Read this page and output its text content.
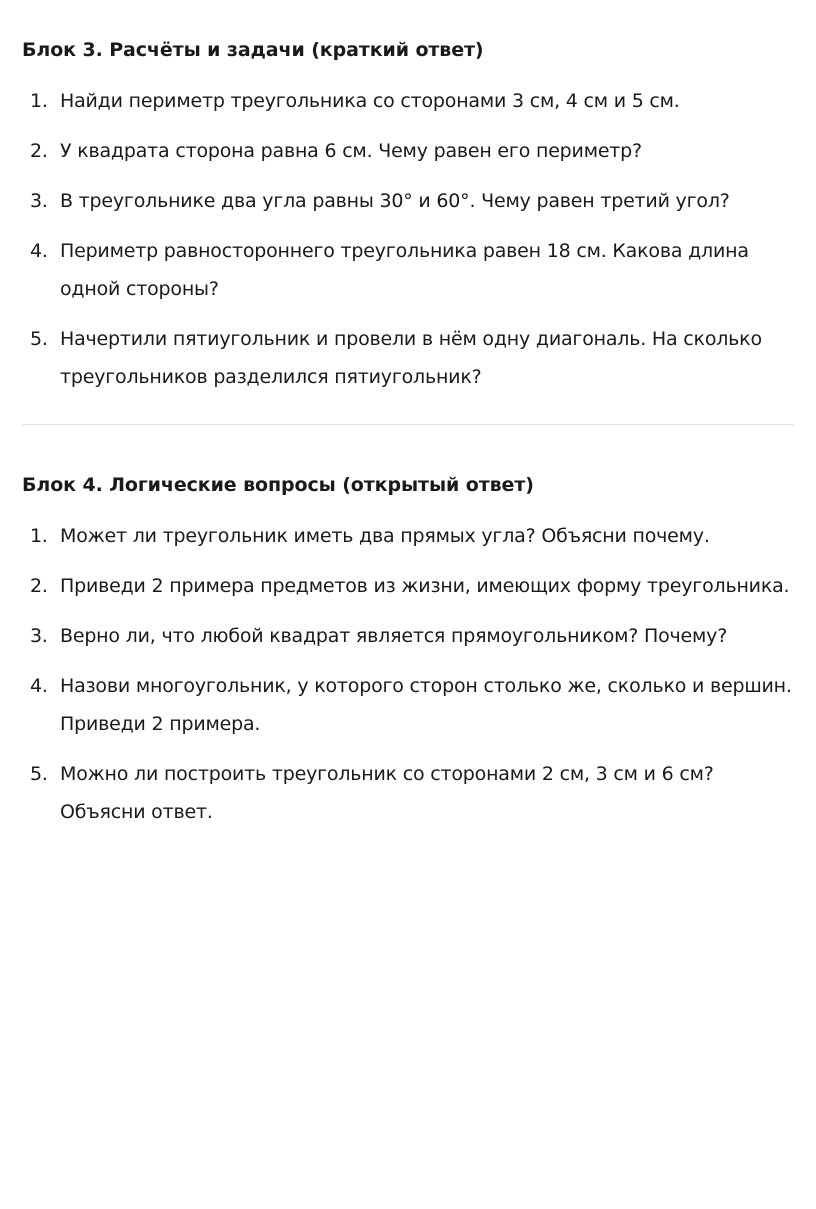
Блок 3. Расчёты и задачи (краткий ответ)
1. Найди периметр треугольника со сторонами 3 см, 4 см и 5 см.
2. У квадрата сторона равна 6 см. Чему равен его периметр?
3. В треугольнике два угла равны 30° и 60°. Чему равен третий угол?
4. Периметр равностороннего треугольника равен 18 см. Какова длина одной стороны?
5. Начертили пятиугольник и провели в нём одну диагональ. На сколько треугольников разделился пятиугольник?
Блок 4. Логические вопросы (открытый ответ)
1. Может ли треугольник иметь два прямых угла? Объясни почему.
2. Приведи 2 примера предметов из жизни, имеющих форму треугольника.
3. Верно ли, что любой квадрат является прямоугольником? Почему?
4. Назови многоугольник, у которого сторон столько же, сколько и вершин. Приведи 2 примера.
5. Можно ли построить треугольник со сторонами 2 см, 3 см и 6 см? Объясни ответ.
